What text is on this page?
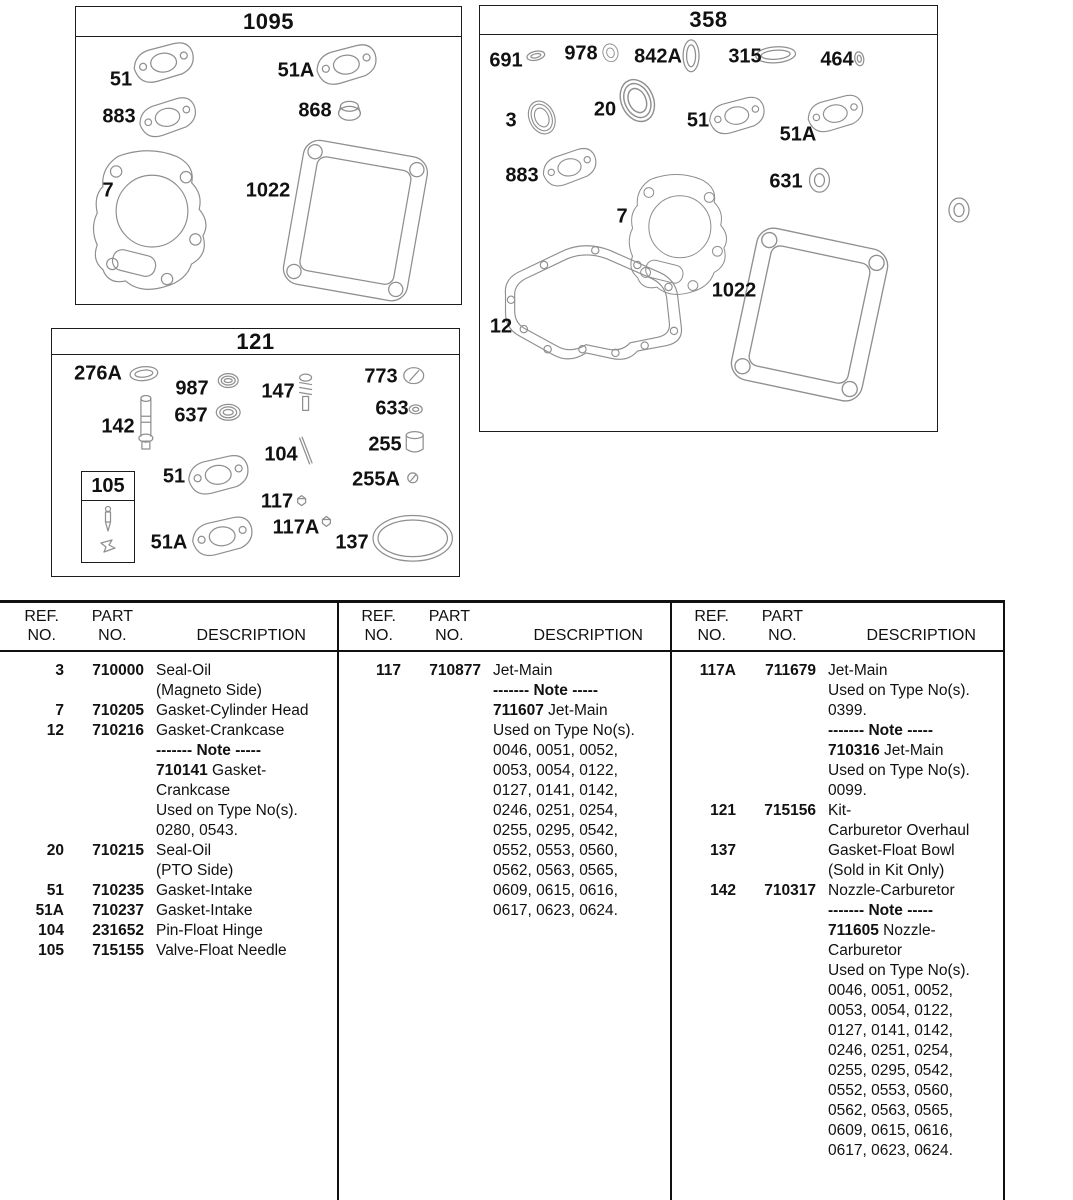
1095
51	51A
883	868
7	1022
358
691 978 842A 315	464
3	20	51
51A
883	631
7
12
1022
121
105
276A
987	147
773
142 637	633
104	255
51	255A
117
117A
51A	137
REF.
NO.
PART
NO.	DESCRIPTION
REF.
NO.
PART
NO.	DESCRIPTION
REF.
NO.
PART
NO.	DESCRIPTION
3	710000 Seal-Oil
(Magneto Side)
7	710205 Gasket-Cylinder Head
12	710216 Gasket-Crankcase
------- Note -----
710141 Gasket-
Crankcase
Used on Type No(s).
0280, 0543.
20	710215 Seal-Oil
(PTO Side)
51	710235 Gasket-Intake
51A	710237 Gasket-Intake
104	231652 Pin-Float Hinge
105	715155 Valve-Float Needle
117	710877 Jet-Main
------- Note -----
711607 Jet-Main
Used on Type No(s).
0046, 0051, 0052,
0053, 0054, 0122,
0127, 0141, 0142,
0246, 0251, 0254,
0255, 0295, 0542,
0552, 0553, 0560,
0562, 0563, 0565,
0609, 0615, 0616,
0617, 0623, 0624.
117A	711679 Jet-Main
Used on Type No(s).
0399.
------- Note -----
710316 Jet-Main
Used on Type No(s).
0099.
121	715156 Kit-
Carburetor Overhaul
137	Gasket-Float Bowl
(Sold in Kit Only)
142	710317 Nozzle-Carburetor
------- Note -----
711605 Nozzle-
Carburetor
Used on Type No(s).
0046, 0051, 0052,
0053, 0054, 0122,
0127, 0141, 0142,
0246, 0251, 0254,
0255, 0295, 0542,
0552, 0553, 0560,
0562, 0563, 0565,
0609, 0615, 0616,
0617, 0623, 0624.
